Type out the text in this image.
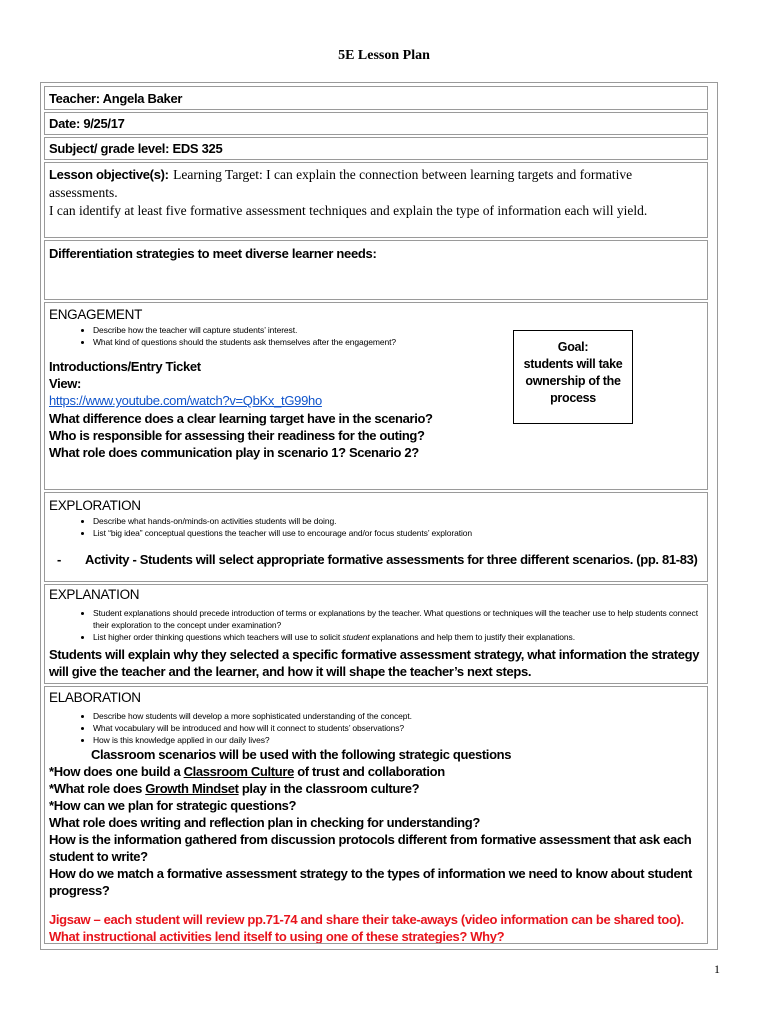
5E Lesson Plan
Teacher: Angela Baker
Date: 9/25/17
Subject/ grade level: EDS 325
Lesson objective(s): Learning Target: I can explain the connection between learning targets and formative assessments.
I can identify at least five formative assessment techniques and explain the type of information each will yield.
Differentiation strategies to meet diverse learner needs:
ENGAGEMENT
• Describe how the teacher will capture students’ interest.
• What kind of questions should the students ask themselves after the engagement?
Introductions/Entry Ticket
View:
https://www.youtube.com/watch?v=QbKx_tG99ho
What difference does a clear learning target have in the scenario?
Who is responsible for assessing their readiness for the outing?
What role does communication play in scenario 1? Scenario 2?
Goal:
students will take
ownership of the
process
EXPLORATION
• Describe what hands-on/minds-on activities students will be doing.
• List “big idea” conceptual questions the teacher will use to encourage and/or focus students’ exploration
- Activity - Students will select appropriate formative assessments for three different scenarios. (pp. 81-83)
EXPLANATION
• Student explanations should precede introduction of terms or explanations by the teacher. What questions or techniques will the teacher use to help students connect their exploration to the concept under examination?
• List higher order thinking questions which teachers will use to solicit student explanations and help them to justify their explanations.
Students will explain why they selected a specific formative assessment strategy, what information the strategy will give the teacher and the learner, and how it will shape the teacher’s next steps.
ELABORATION
• Describe how students will develop a more sophisticated understanding of the concept.
• What vocabulary will be introduced and how will it connect to students’ observations?
• How is this knowledge applied in our daily lives?
Classroom scenarios will be used with the following strategic questions
*How does one build a Classroom Culture of trust and collaboration
*What role does Growth Mindset play in the classroom culture?
*How can we plan for strategic questions?
What role does writing and reflection plan in checking for understanding?
How is the information gathered from discussion protocols different from formative assessment that ask each student to write?
How do we match a formative assessment strategy to the types of information we need to know about student progress?
Jigsaw – each student will review pp.71-74 and share their take-aways (video information can be shared too).
What instructional activities lend itself to using one of these strategies? Why?
1
